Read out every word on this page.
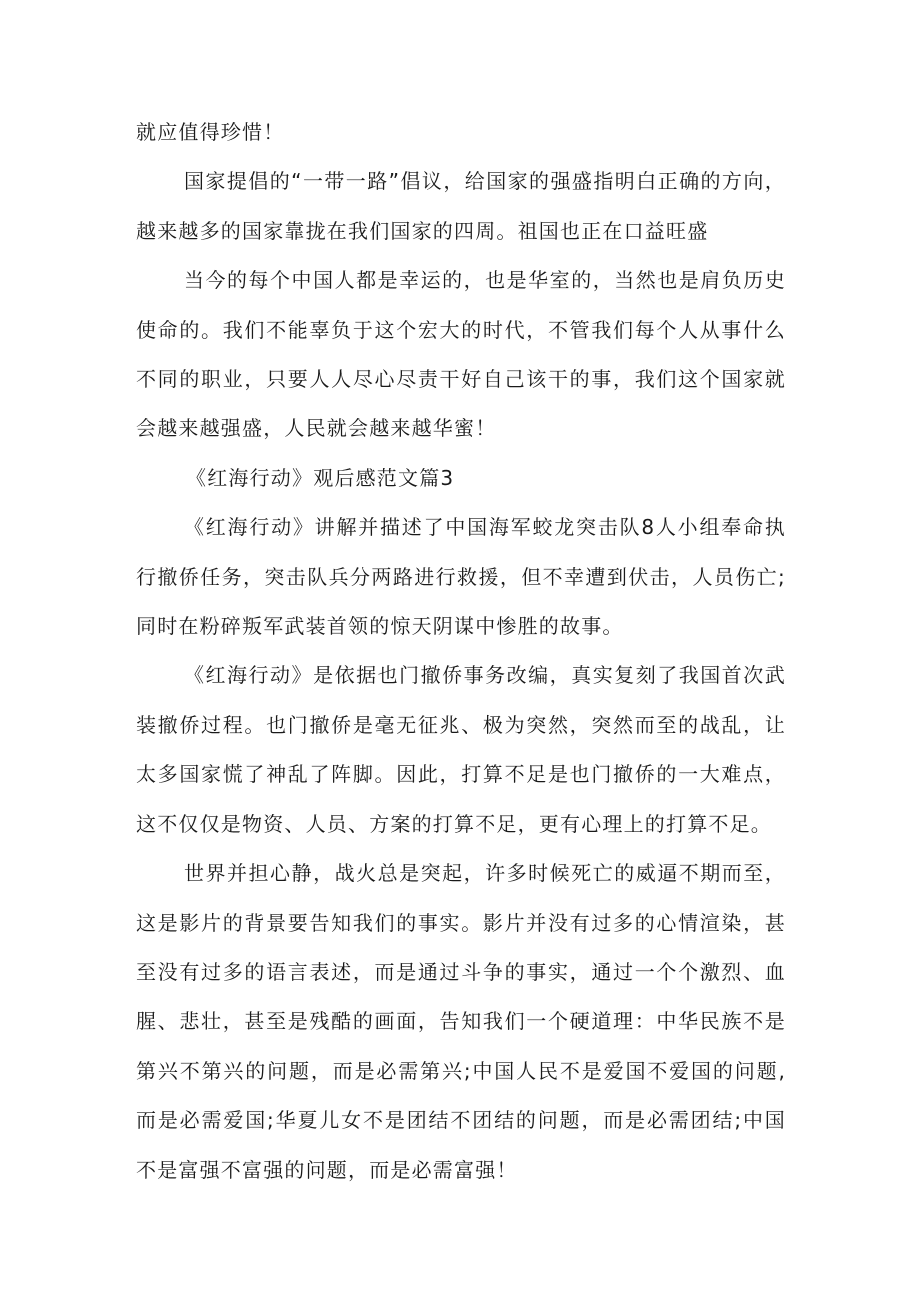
就应值得珍惜！

国家提倡的“一带一路”倡议，给国家的强盛指明白正确的方向，越来越多的国家靠拢在我们国家的四周。祖国也正在口益旺盛

当今的每个中国人都是幸运的，也是华室的，当然也是肩负历史使命的。我们不能辜负于这个宏大的时代，不管我们每个人从事什么不同的职业，只要人人尽心尽责干好自己该干的事，我们这个国家就会越来越强盛，人民就会越来越华蜜！

《红海行动》观后感范文篇3

《红海行动》讲解并描述了中国海军蛟龙突击队8人小组奉命执行撤侨任务，突击队兵分两路进行救援，但不幸遭到伏击，人员伤亡;同时在粉碎叛军武装首领的惊天阴谋中惨胜的故事。

《红海行动》是依据也门撤侨事务改编，真实复刻了我国首次武装撤侨过程。也门撤侨是毫无征兆、极为突然，突然而至的战乱，让太多国家慌了神乱了阵脚。因此，打算不足是也门撤侨的一大难点，这不仅仅是物资、人员、方案的打算不足，更有心理上的打算不足。

世界并担心静，战火总是突起，许多时候死亡的威逼不期而至，这是影片的背景要告知我们的事实。影片并没有过多的心情渲染，甚至没有过多的语言表述，而是通过斗争的事实，通过一个个激烈、血腥、悲壮，甚至是残酷的画面，告知我们一个硬道理：中华民族不是第兴不第兴的问题，而是必需第兴;中国人民不是爱国不爱国的问题,而是必需爱国;华夏儿女不是团结不团结的问题，而是必需团结;中国不是富强不富强的问题，而是必需富强！
